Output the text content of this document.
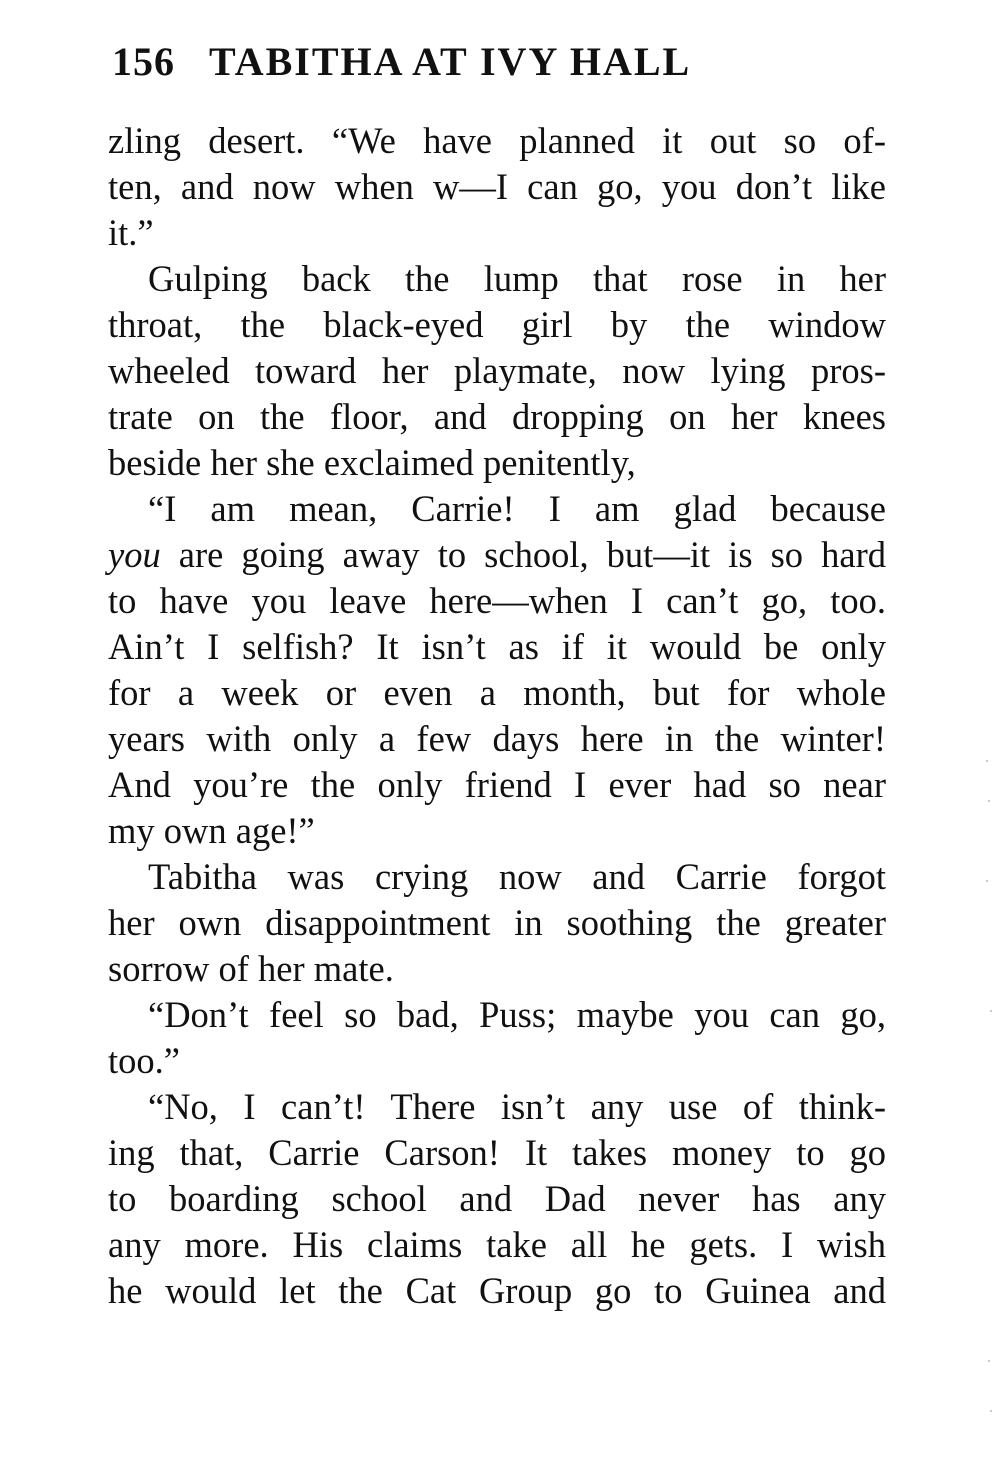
156 TABITHA AT IVY HALL
zling desert. “We have planned it out so of-
ten, and now when w—I can go, you don’t like
it.”
Gulping back the lump that rose in her
throat, the black-eyed girl by the window
wheeled toward her playmate, now lying pros-
trate on the floor, and dropping on her knees
beside her she exclaimed penitently,
“I am mean, Carrie! I am glad because
you are going away to school, but—it is so hard
to have you leave here—when I can’t go, too.
Ain’t I selfish? It isn’t as if it would be only
for a week or even a month, but for whole
years with only a few days here in the winter!
And you’re the only friend I ever had so near
my own age!”
Tabitha was crying now and Carrie forgot
her own disappointment in soothing the greater
sorrow of her mate.
“Don’t feel so bad, Puss; maybe you can go,
too.”
“No, I can’t! There isn’t any use of think-
ing that, Carrie Carson! It takes money to go
to boarding school and Dad never has any
any more. His claims take all he gets. I wish
he would let the Cat Group go to Guinea and
